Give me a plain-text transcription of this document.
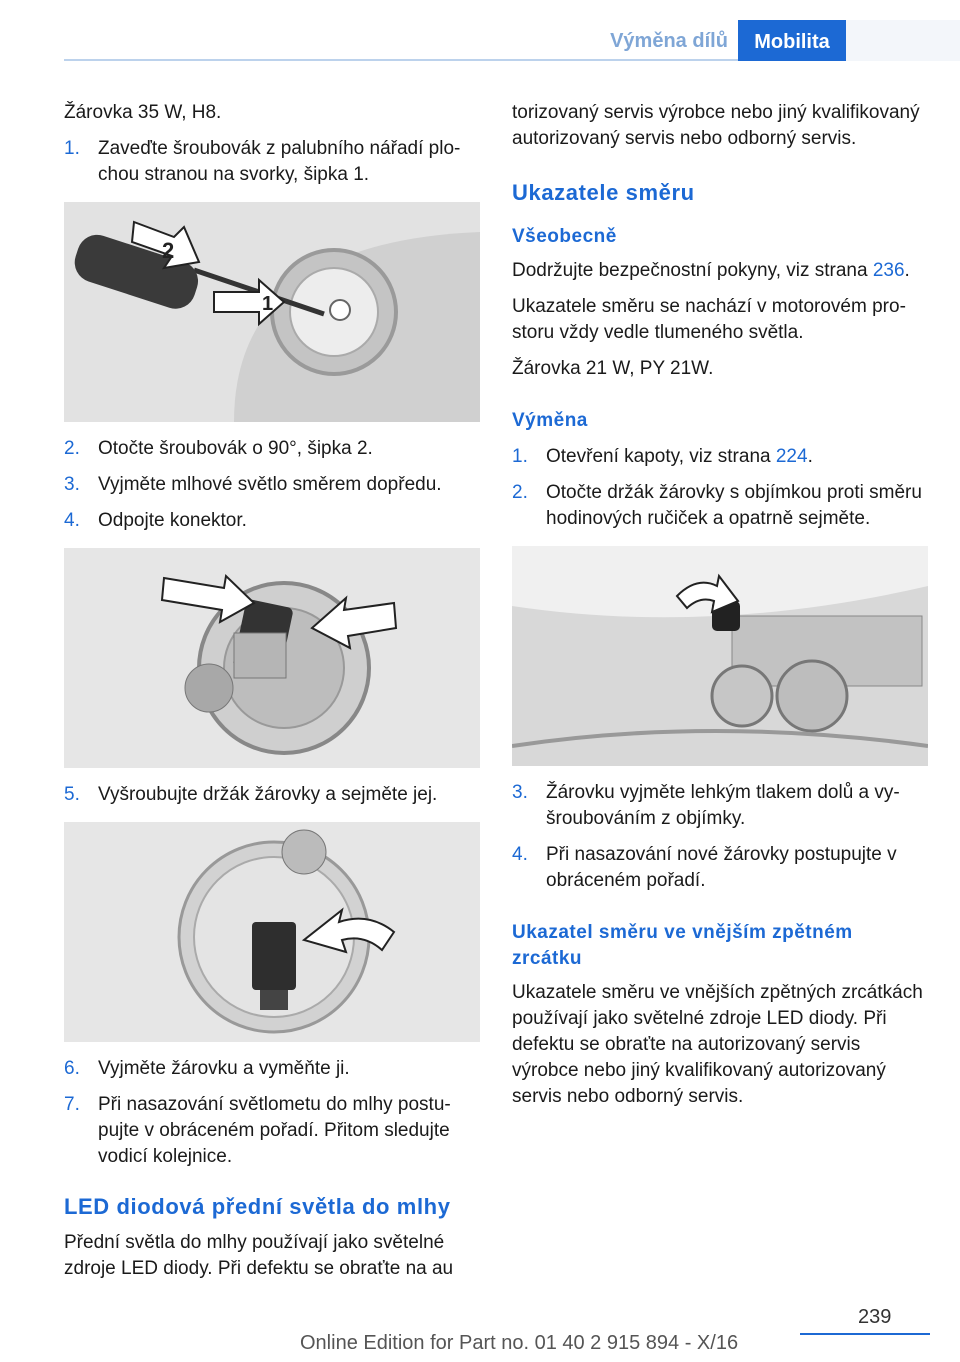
Výměna dílů	Mobilita

Žárovka 35 W, H8.

1. Zaveďte šroubovák z palubního nářadí plochou stranou na svorky, šipka 1.
2
1
2. Otočte šroubovák o 90°, šipka 2.
3. Vyjměte mlhové světlo směrem dopředu.
4. Odpojte konektor.
5. Vyšroubujte držák žárovky a sejměte jej.
6. Vyjměte žárovku a vyměňte ji.
7. Při nasazování světlometu do mlhy postupujte v obráceném pořadí. Přitom sledujte vodicí kolejnice.
LED diodová přední světla do mlhy

Přední světla do mlhy používají jako světelné zdroje LED diody. Při defektu se obraťte na au

torizovaný servis výrobce nebo jiný kvalifikovaný autorizovaný servis nebo odborný servis.

Ukazatele směru
Všeobecně

Dodržujte bezpečnostní pokyny, viz strana 236.

Ukazatele směru se nachází v motorovém prostoru vždy vedle tlumeného světla.

Žárovka 21 W, PY 21W.

Výměna
1. Otevření kapoty, viz strana 224.
2. Otočte držák žárovky s objímkou proti směru hodinových ručiček a opatrně sejměte.
3. Žárovku vyjměte lehkým tlakem dolů a vyšroubováním z objímky.
4. Při nasazování nové žárovky postupujte v obráceném pořadí.
Ukazatel směru ve vnějším zpětném zrcátku

Ukazatele směru ve vnějších zpětných zrcátkách používají jako světelné zdroje LED diody. Při defektu se obraťte na autorizovaný servis výrobce nebo jiný kvalifikovaný autorizovaný servis nebo odborný servis.

239
Online Edition for Part no. 01 40 2 915 894 - X/16
